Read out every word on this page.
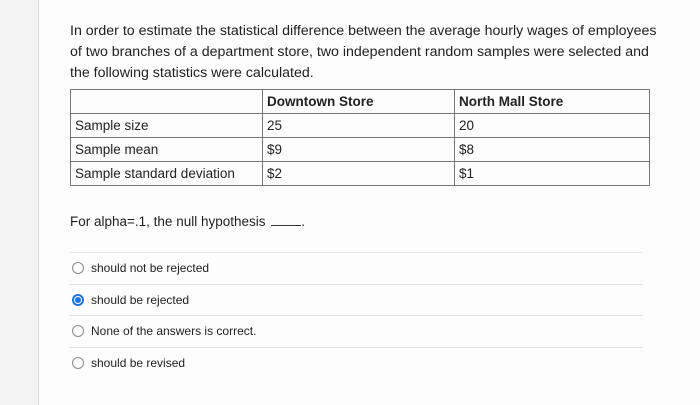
In order to estimate the statistical difference between the average hourly wages of employees of two branches of a department store, two independent random samples were selected and the following statistics were calculated.
	Downtown Store	North Mall Store
Sample size	25	20
Sample mean	$9	$8
Sample standard deviation	$2	$1
For alpha=.1, the null hypothesis	.
should not be rejected
should be rejected
None of the answers is correct.
should be revised
